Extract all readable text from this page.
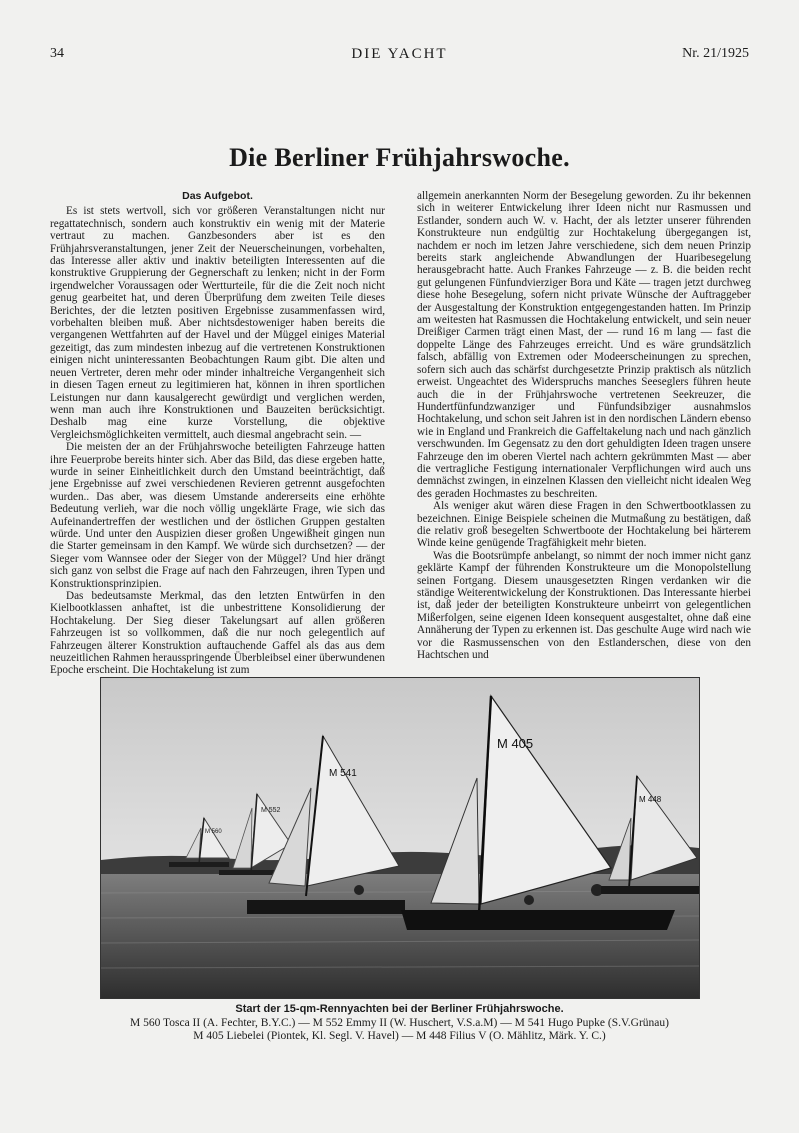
34	DIE YACHT	Nr. 21/1925
Die Berliner Frühjahrswoche.
Das Aufgebot.

Es ist stets wertvoll, sich vor größeren Veranstaltungen nicht nur regattatechnisch, sondern auch konstruktiv ein wenig mit der Materie vertraut zu machen. Ganzbesonders aber ist es den Frühjahrsveranstaltungen, jener Zeit der Neuerscheinungen, vorbehalten, das Interesse aller aktiv und inaktiv beteiligten Interessenten auf die konstruktive Gruppierung der Gegnerschaft zu lenken; nicht in der Form irgendwelcher Voraussagen oder Wertturteile, für die die Zeit noch nicht genug gearbeitet hat, und deren Überprüfung dem zweiten Teile dieses Berichtes, der die letzten positiven Ergebnisse zusammenfassen wird, vorbehalten bleiben muß. Aber nichtsdestoweniger haben bereits die vergangenen Wettfahrten auf der Havel und der Müggel einiges Material gezeitigt, das zum mindesten inbezug auf die vertretenen Konstruktionen einigen nicht uninteressanten Beobachtungen Raum gibt. Die alten und neuen Vertreter, deren mehr oder minder inhaltreiche Vergangenheit sich in diesen Tagen erneut zu legitimieren hat, können in ihren sportlichen Leistungen nur dann kausalgerecht gewürdigt und verglichen werden, wenn man auch ihre Konstruktionen und Bauzeiten berücksichtigt. Deshalb mag eine kurze Vorstellung, die objektive Vergleichsmöglichkeiten vermittelt, auch diesmal angebracht sein. —

Die meisten der an der Frühjahrswoche beteiligten Fahrzeuge hatten ihre Feuerprobe bereits hinter sich. Aber das Bild, das diese ergeben hatte, wurde in seiner Einheitlichkeit durch den Umstand beeinträchtigt, daß jene Ergebnisse auf zwei verschiedenen Revieren getrennt ausgefochten wurden.. Das aber, was diesem Umstande andererseits eine erhöhte Bedeutung verlieh, war die noch völlig ungeklärte Frage, wie sich das Aufeinandertreffen der westlichen und der östlichen Gruppen gestalten würde. Und unter den Auspizien dieser großen Ungewißheit gingen nun die Starter gemeinsam in den Kampf. We würde sich durchsetzen? — der Sieger vom Wannsee oder der Sieger von der Müggel? Und hier drängt sich ganz von selbst die Frage auf nach den Fahrzeugen, ihren Typen und Konstruktionsprinzipien.

Das bedeutsamste Merkmal, das den letzten Entwürfen in den Kielbootklassen anhaftet, ist die unbestrittene Konsolidierung der Hochtakelung. Der Sieg dieser Takelungsart auf allen größeren Fahrzeugen ist so vollkommen, daß die nur noch gelegentlich auf Fahrzeugen älterer Konstruktion auftauchende Gaffel als das aus dem neuzeitlichen Rahmen herausspringende Überbleibsel einer überwundenen Epoche erscheint. Die Hochtakelung ist zum

allgemein anerkannten Norm der Besegelung geworden. Zu ihr bekennen sich in weiterer Entwickelung ihrer Ideen nicht nur Rasmussen und Estlander, sondern auch W. v. Hacht, der als letzter unserer führenden Konstrukteure nun endgültig zur Hochtakelung übergegangen ist, nachdem er noch im letzen Jahre verschiedene, sich dem neuen Prinzip bereits stark angleichende Abwandlungen der Huaribesegelung herausgebracht hatte. Auch Frankes Fahrzeuge — z. B. die beiden recht gut gelungenen Fünfundvierziger Bora und Käte — tragen jetzt durchweg diese hohe Besegelung, sofern nicht private Wünsche der Auftraggeber der Ausgestaltung der Konstruktion entgegengestanden hatten. Im Prinzip am weitesten hat Rasmussen die Hochtakelung entwickelt, und sein neuer Dreißiger Carmen trägt einen Mast, der — rund 16 m lang — fast die doppelte Länge des Fahrzeuges erreicht. Und es wäre grundsätzlich falsch, abfällig von Extremen oder Modeerscheinungen zu sprechen, sofern sich auch das schärfst durchgesetzte Prinzip praktisch als nützlich erweist. Ungeachtet des Widerspruchs manches Seeseglers führen heute auch die in der Frühjahrswoche vertretenen Seekreuzer, die Hundertfünfundzwanziger und Fünfundsibziger ausnahmslos Hochtakelung, und schon seit Jahren ist in den nordischen Ländern ebenso wie in England und Frankreich die Gaffeltakelung nach und nach gänzlich verschwunden. Im Gegensatz zu den dort gehuldigten Ideen tragen unsere Fahrzeuge den im oberen Viertel nach achtern gekrümmten Mast — aber die vertragliche Festigung internationaler Verpflichungen wird auch uns demnächst zwingen, in einzelnen Klassen den vielleicht nicht idealen Weg des geraden Hochmastes zu beschreiten.

Als weniger akut wären diese Fragen in den Schwertbootklassen zu bezeichnen. Einige Beispiele scheinen die Mutmaßung zu bestätigen, daß die relativ groß besegelten Schwertboote der Hochtakelung bei härterem Winde keine genügende Tragfähigkeit mehr bieten.

Was die Bootsrümpfe anbelangt, so nimmt der noch immer nicht ganz geklärte Kampf der führenden Konstrukteure um die Monopolstellung seinen Fortgang. Diesem unausgesetzten Ringen verdanken wir die ständige Weiterentwickelung der Konstruktionen. Das Interessante hierbei ist, daß jeder der beteiligten Konstrukteure unbeirrt von gelegentlichen Mißerfolgen, seine eigenen Ideen konsequent ausgestaltet, ohne daß eine Annäherung der Typen zu erkennen ist. Das geschulte Auge wird nach wie vor die Rasmussenschen von den Estlanderschen, diese von den Hachtschen und

M 560
M 552
M 541
M 405
M 448
Start der 15-qm-Rennyachten bei der Berliner Frühjahrswoche.
M 560 Tosca II (A. Fechter, B.Y.C.) — M 552 Emmy II (W. Huschert, V.S.a.M) — M 541 Hugo Pupke (S.V.Grünau)
M 405 Liebelei (Piontek, Kl. Segl. V. Havel) — M 448 Filius V (O. Mählitz, Märk. Y. C.)
